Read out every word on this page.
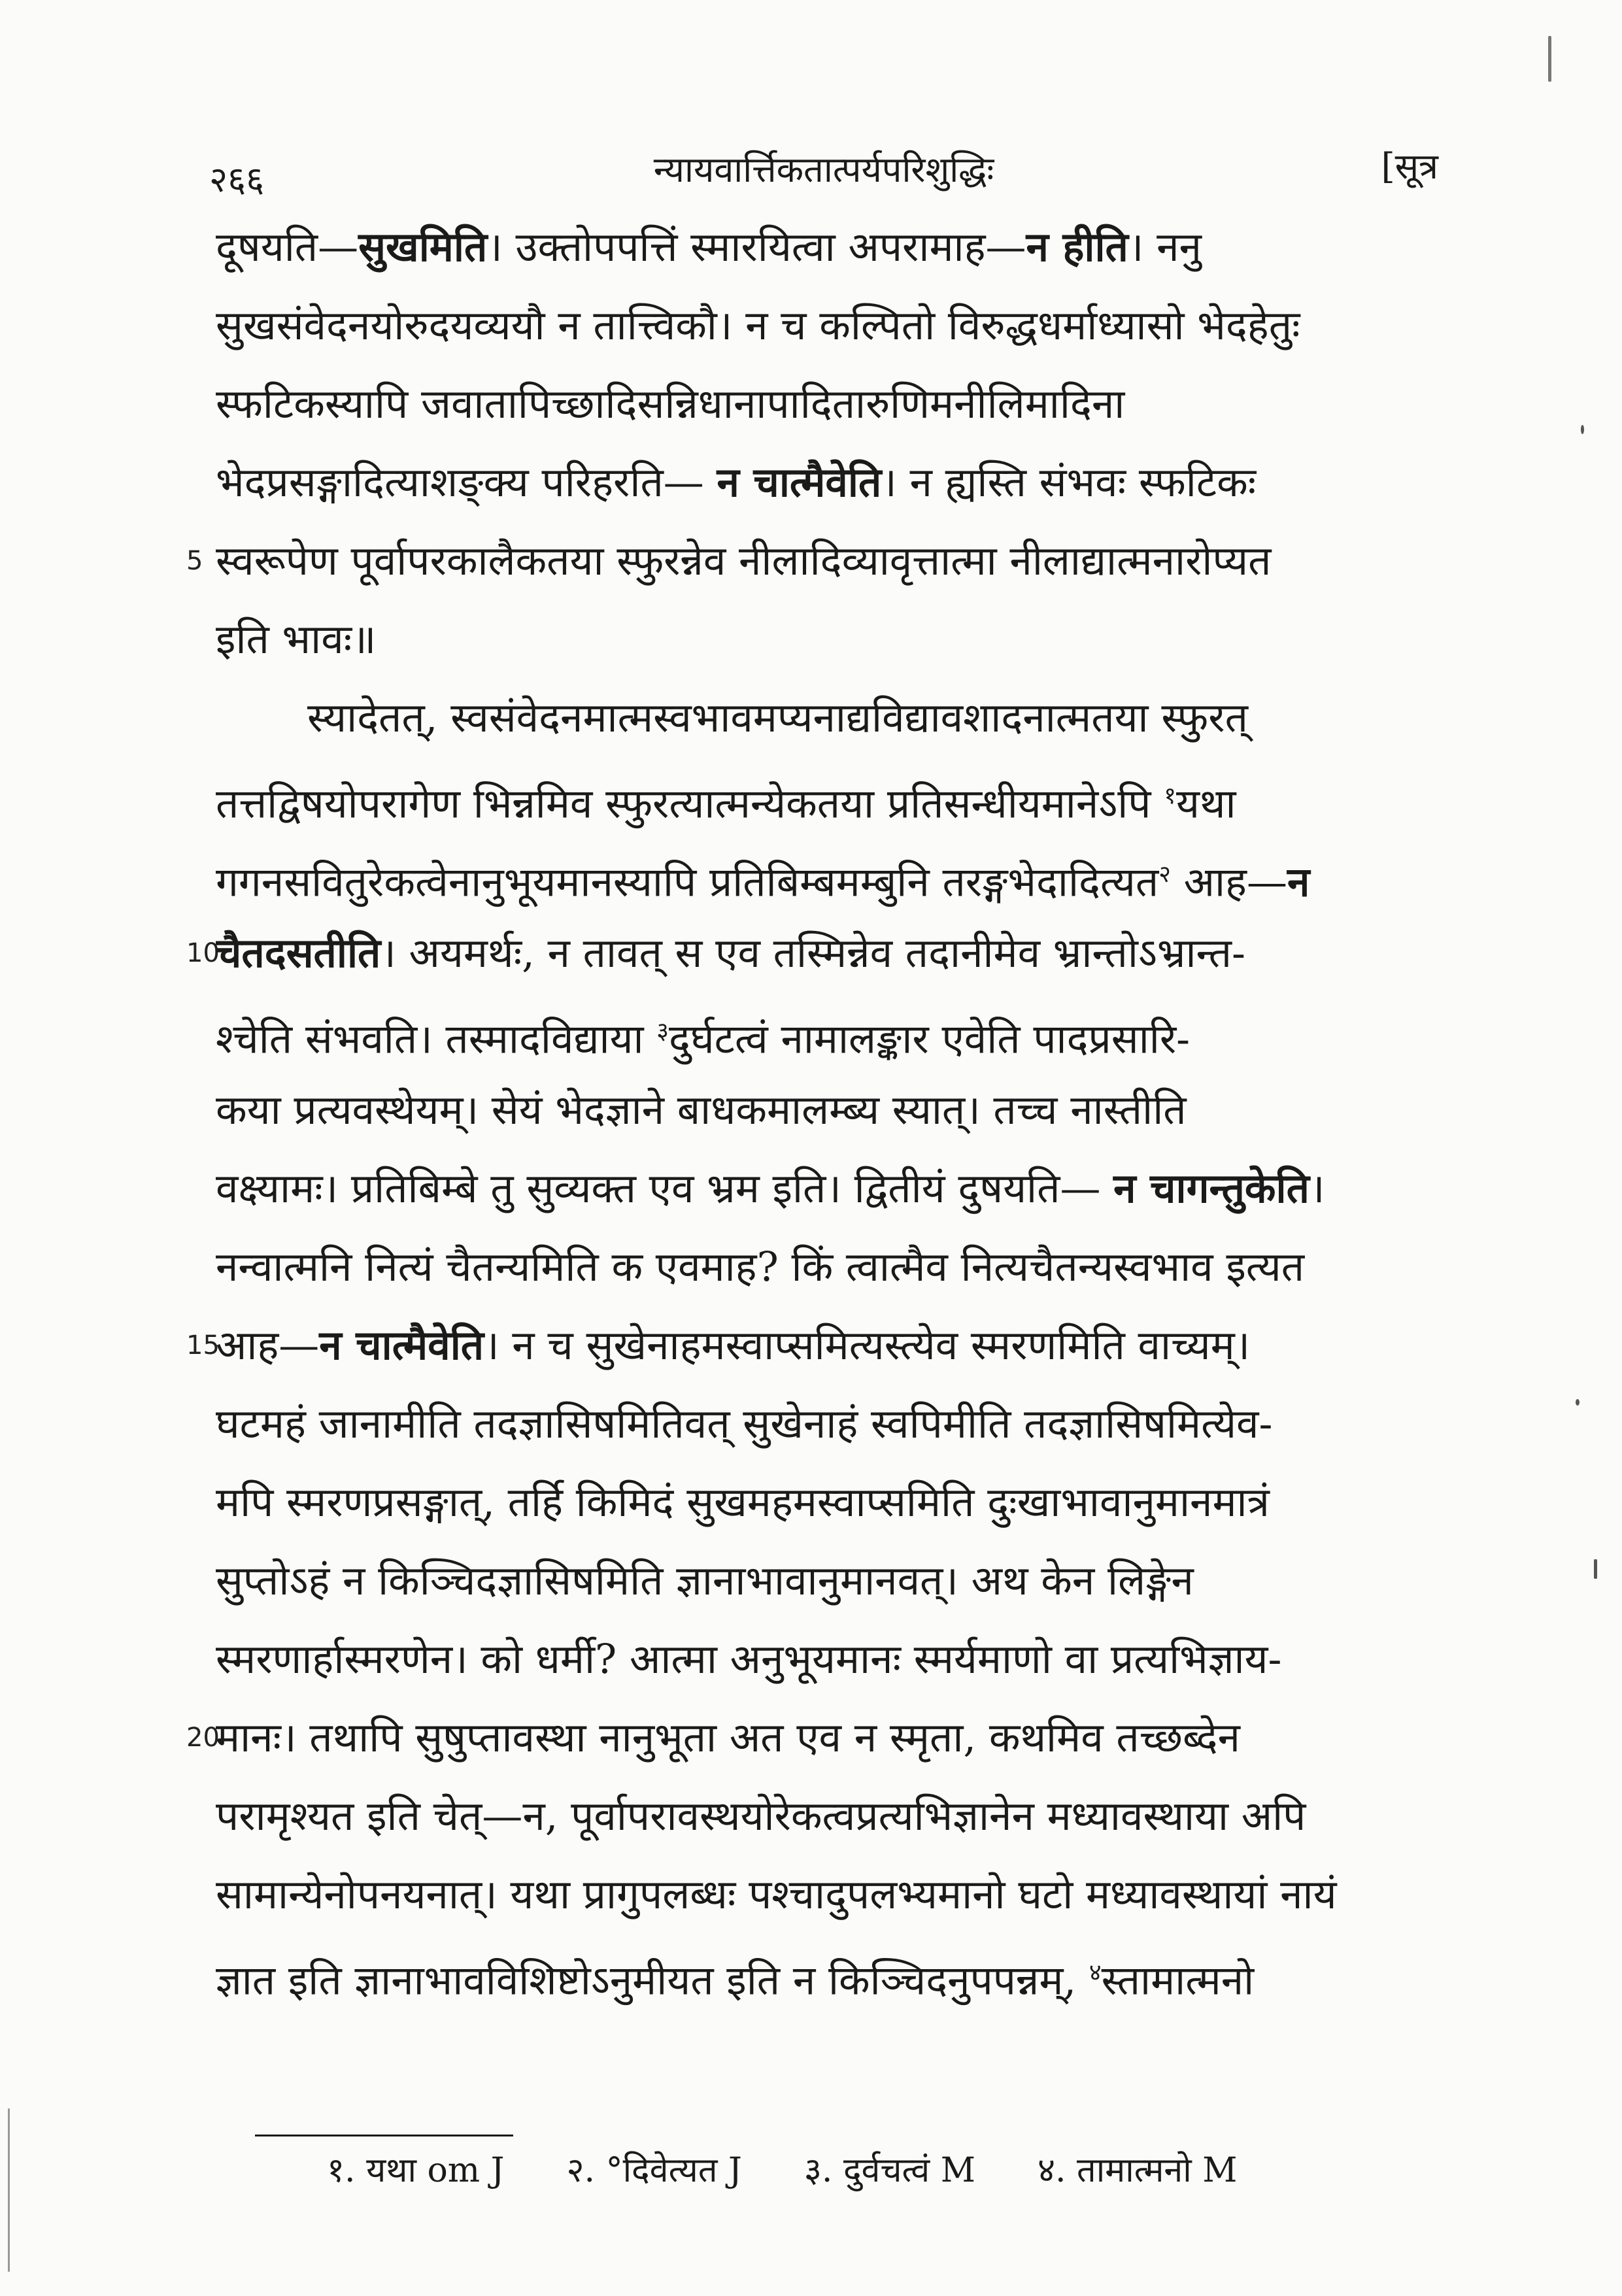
२६६	न्यायवार्त्तिकतात्पर्यपरिशुद्धिः	[सूत्र
दूषयति—सुखमिति। उक्तोपपत्तिं स्मारयित्वा अपरामाह—न हीति। ननु
सुखसंवेदनयोरुदयव्ययौ न तात्त्विकौ। न च कल्पितो विरुद्धधर्माध्यासो भेदहेतुः
स्फटिकस्यापि जवातापिच्छादिसन्निधानापादितारुणिमनीलिमादिना
भेदप्रसङ्गादित्याशङ्क्य परिहरति— न चात्मैवेति। न ह्यस्ति संभवः स्फटिकः
5 स्वरूपेण पूर्वापरकालैकतया स्फुरन्नेव नीलादिव्यावृत्तात्मा नीलाद्यात्मनारोप्यत
इति भावः॥
स्यादेतत्, स्वसंवेदनमात्मस्वभावमप्यनाद्यविद्यावशादनात्मतया स्फुरत्
तत्तद्विषयोपरागेण भिन्नमिव स्फुरत्यात्मन्येकतया प्रतिसन्धीयमानेऽपि $^१$यथा
गगनसवितुरेकत्वेनानुभूयमानस्यापि प्रतिबिम्बमम्बुनि तरङ्गभेदादित्यत$^२$ आह—न
10
चैतदसतीति। अयमर्थः, न तावत् स एव तस्मिन्नेव तदानीमेव भ्रान्तोऽभ्रान्त-
श्चेति संभवति। तस्मादविद्याया $^३$दुर्घटत्वं नामालङ्कार एवेति पादप्रसारि-
कया प्रत्यवस्थेयम्। सेयं भेदज्ञाने बाधकमालम्ब्य स्यात्। तच्च नास्तीति
वक्ष्यामः। प्रतिबिम्बे तु सुव्यक्त एव भ्रम इति। द्वितीयं दुषयति— न चागन्तुकेति।
नन्वात्मनि नित्यं चैतन्यमिति क एवमाह? किं त्वात्मैव नित्यचैतन्यस्वभाव इत्यत
15
आह—न चात्मैवेति। न च सुखेनाहमस्वाप्समित्यस्त्येव स्मरणमिति वाच्यम्।
घटमहं जानामीति तदज्ञासिषमितिवत् सुखेनाहं स्वपिमीति तदज्ञासिषमित्येव-
मपि स्मरणप्रसङ्गात्, तर्हि किमिदं सुखमहमस्वाप्समिति दुःखाभावानुमानमात्रं
सुप्तोऽहं न किञ्चिदज्ञासिषमिति ज्ञानाभावानुमानवत्। अथ केन लिङ्गेन
स्मरणार्हास्मरणेन। को धर्मी? आत्मा अनुभूयमानः स्मर्यमाणो वा प्रत्यभिज्ञाय-
20
मानः। तथापि सुषुप्तावस्था नानुभूता अत एव न स्मृता, कथमिव तच्छब्देन
परामृश्यत इति चेत्—न, पूर्वापरावस्थयोरेकत्वप्रत्यभिज्ञानेन मध्यावस्थाया अपि
सामान्येनोपनयनात्। यथा प्रागुपलब्धः पश्चादुपलभ्यमानो घटो मध्यावस्थायां नायं
ज्ञात इति ज्ञानाभावविशिष्टोऽनुमीयत इति न किञ्चिदनुपपन्नम्, $^४$स्तामात्मनो
१. यथा om J २. °दिवेत्यत J ३. दुर्वचत्वं M ४. तामात्मनो M
